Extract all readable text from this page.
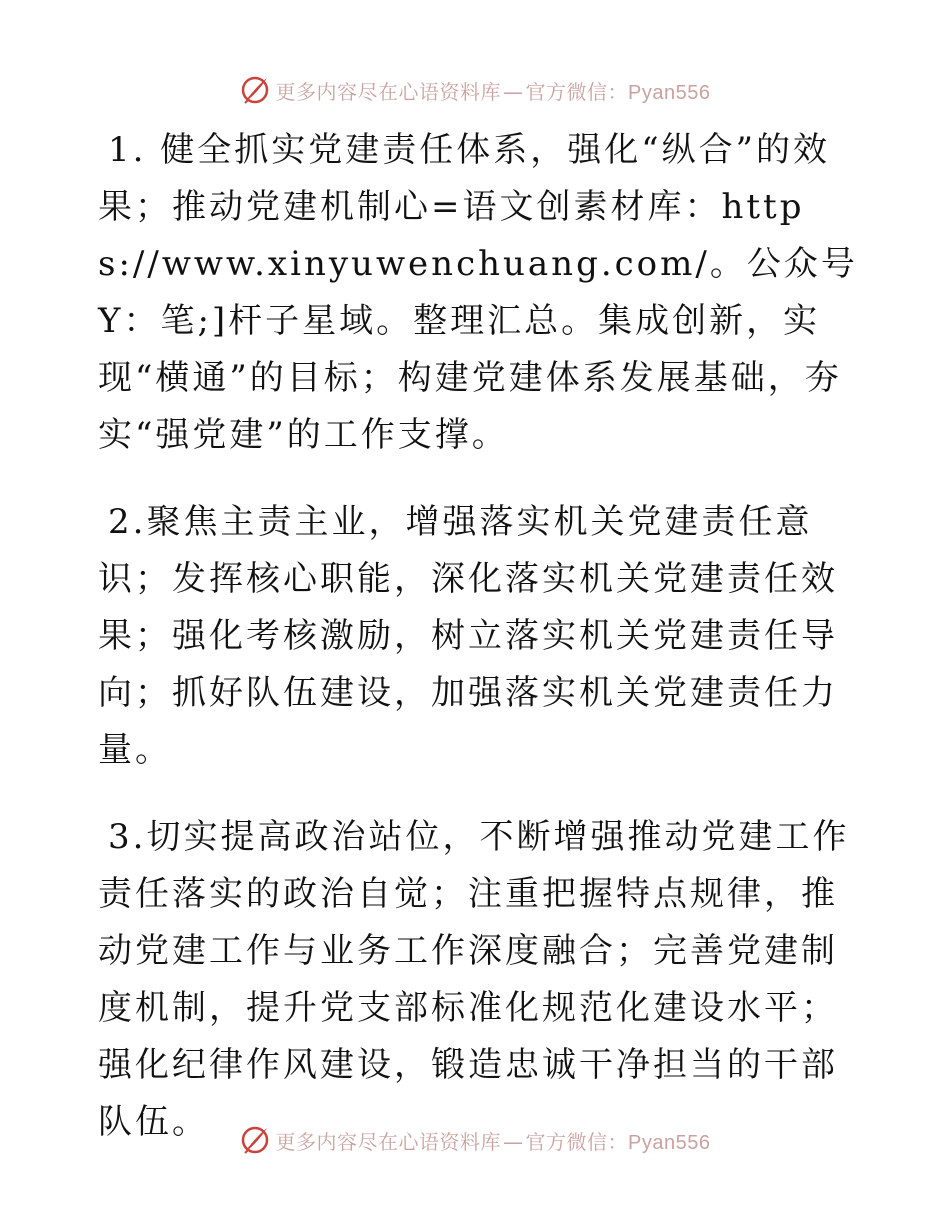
更多内容尽在心语资料库 — 官方微信：Pyan556

1. 健全抓实党建责任体系，强化“纵合”的效果；推动党建机制心=语文创素材库：https://www.xinyuwenchuang.com/。公众号Y：笔;]杆子星域。整理汇总。集成创新，实现“横通”的目标；构建党建体系发展基础，夯实“强党建”的工作支撑。

2.聚焦主责主业，增强落实机关党建责任意识；发挥核心职能，深化落实机关党建责任效果；强化考核激励，树立落实机关党建责任导向；抓好队伍建设，加强落实机关党建责任力量。

3.切实提高政治站位，不断增强推动党建工作责任落实的政治自觉；注重把握特点规律，推动党建工作与业务工作深度融合；完善党建制度机制，提升党支部标准化规范化建设水平；强化纪律作风建设，锻造忠诚干净担当的干部队伍。	更多内容尽在心语资料库 — 官方微信：Pyan556
